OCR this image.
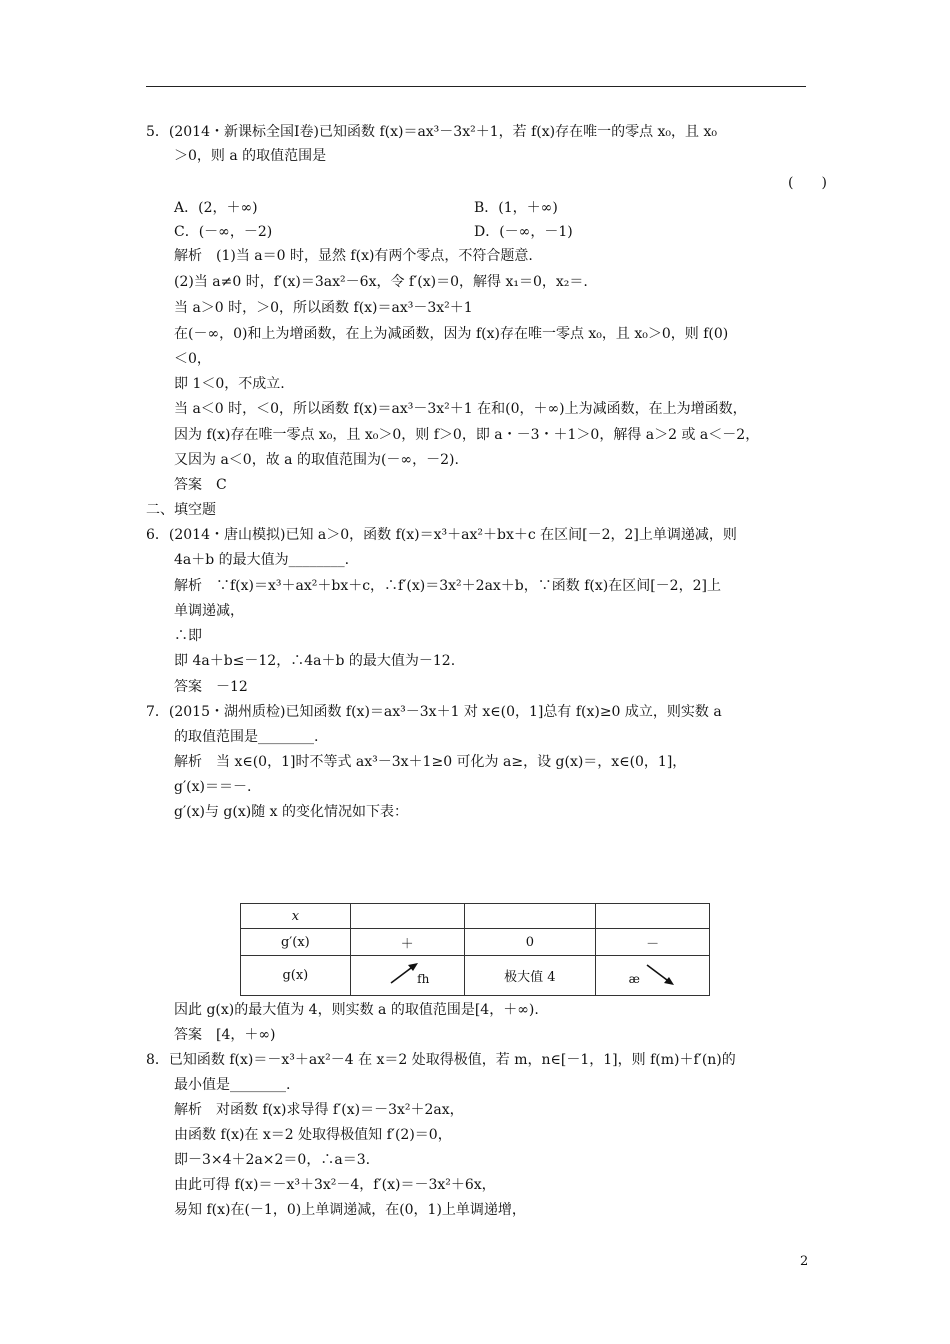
5．(2014・新课标全国Ⅰ卷)已知函数 f(x)＝ax³－3x²＋1，若 f(x)存在唯一的零点 x₀，且 x₀
＞0，则 a 的取值范围是
(　　)
A．(2，＋∞)	B．(1，＋∞)
C．(－∞，－2)	D．(－∞，－1)
解析　(1)当 a＝0 时，显然 f(x)有两个零点，不符合题意.
(2)当 a≠0 时，f′(x)＝3ax²－6x，令 f′(x)＝0，解得 x₁＝0，x₂＝.
当 a＞0 时，＞0，所以函数 f(x)＝ax³－3x²＋1
在(－∞，0)和上为增函数，在上为减函数，因为 f(x)存在唯一零点 x₀，且 x₀＞0，则 f(0)
＜0，
即 1＜0，不成立.
当 a＜0 时，＜0，所以函数 f(x)＝ax³－3x²＋1 在和(0，＋∞)上为减函数，在上为增函数，
因为 f(x)存在唯一零点 x₀，且 x₀＞0，则 f＞0，即 a・－3・＋1＞0，解得 a＞2 或 a＜－2，
又因为 a＜0，故 a 的取值范围为(－∞，－2).
答案　C
二、填空题
6．(2014・唐山模拟)已知 a＞0，函数 f(x)＝x³＋ax²＋bx＋c 在区间[－2，2]上单调递减，则
4a＋b 的最大值为________.
解析　∵f(x)＝x³＋ax²＋bx＋c，∴f′(x)＝3x²＋2ax＋b，∵函数 f(x)在区间[－2，2]上
单调递减，
∴即
即 4a＋b≤－12，∴4a＋b 的最大值为－12.
答案　－12
7．(2015・湖州质检)已知函数 f(x)＝ax³－3x＋1 对 x∈(0，1]总有 f(x)≥0 成立，则实数 a
的取值范围是________.
解析　当 x∈(0，1]时不等式 ax³－3x＋1≥0 可化为 a≥，设 g(x)＝，x∈(0，1]，
g′(x)＝＝－.
g′(x)与 g(x)随 x 的变化情况如下表：
x			
g′(x)	＋	0	－
g(x)	fh	极大值 4	æ
因此 g(x)的最大值为 4，则实数 a 的取值范围是[4，＋∞).
答案　[4，＋∞)
8．已知函数 f(x)＝－x³＋ax²－4 在 x＝2 处取得极值，若 m，n∈[－1，1]，则 f(m)＋f′(n)的
最小值是________.
解析　对函数 f(x)求导得 f′(x)＝－3x²＋2ax，
由函数 f(x)在 x＝2 处取得极值知 f′(2)＝0，
即－3×4＋2a×2＝0，∴a＝3.
由此可得 f(x)＝－x³＋3x²－4，f′(x)＝－3x²＋6x，
易知 f(x)在(－1，0)上单调递减，在(0，1)上单调递增，
2
